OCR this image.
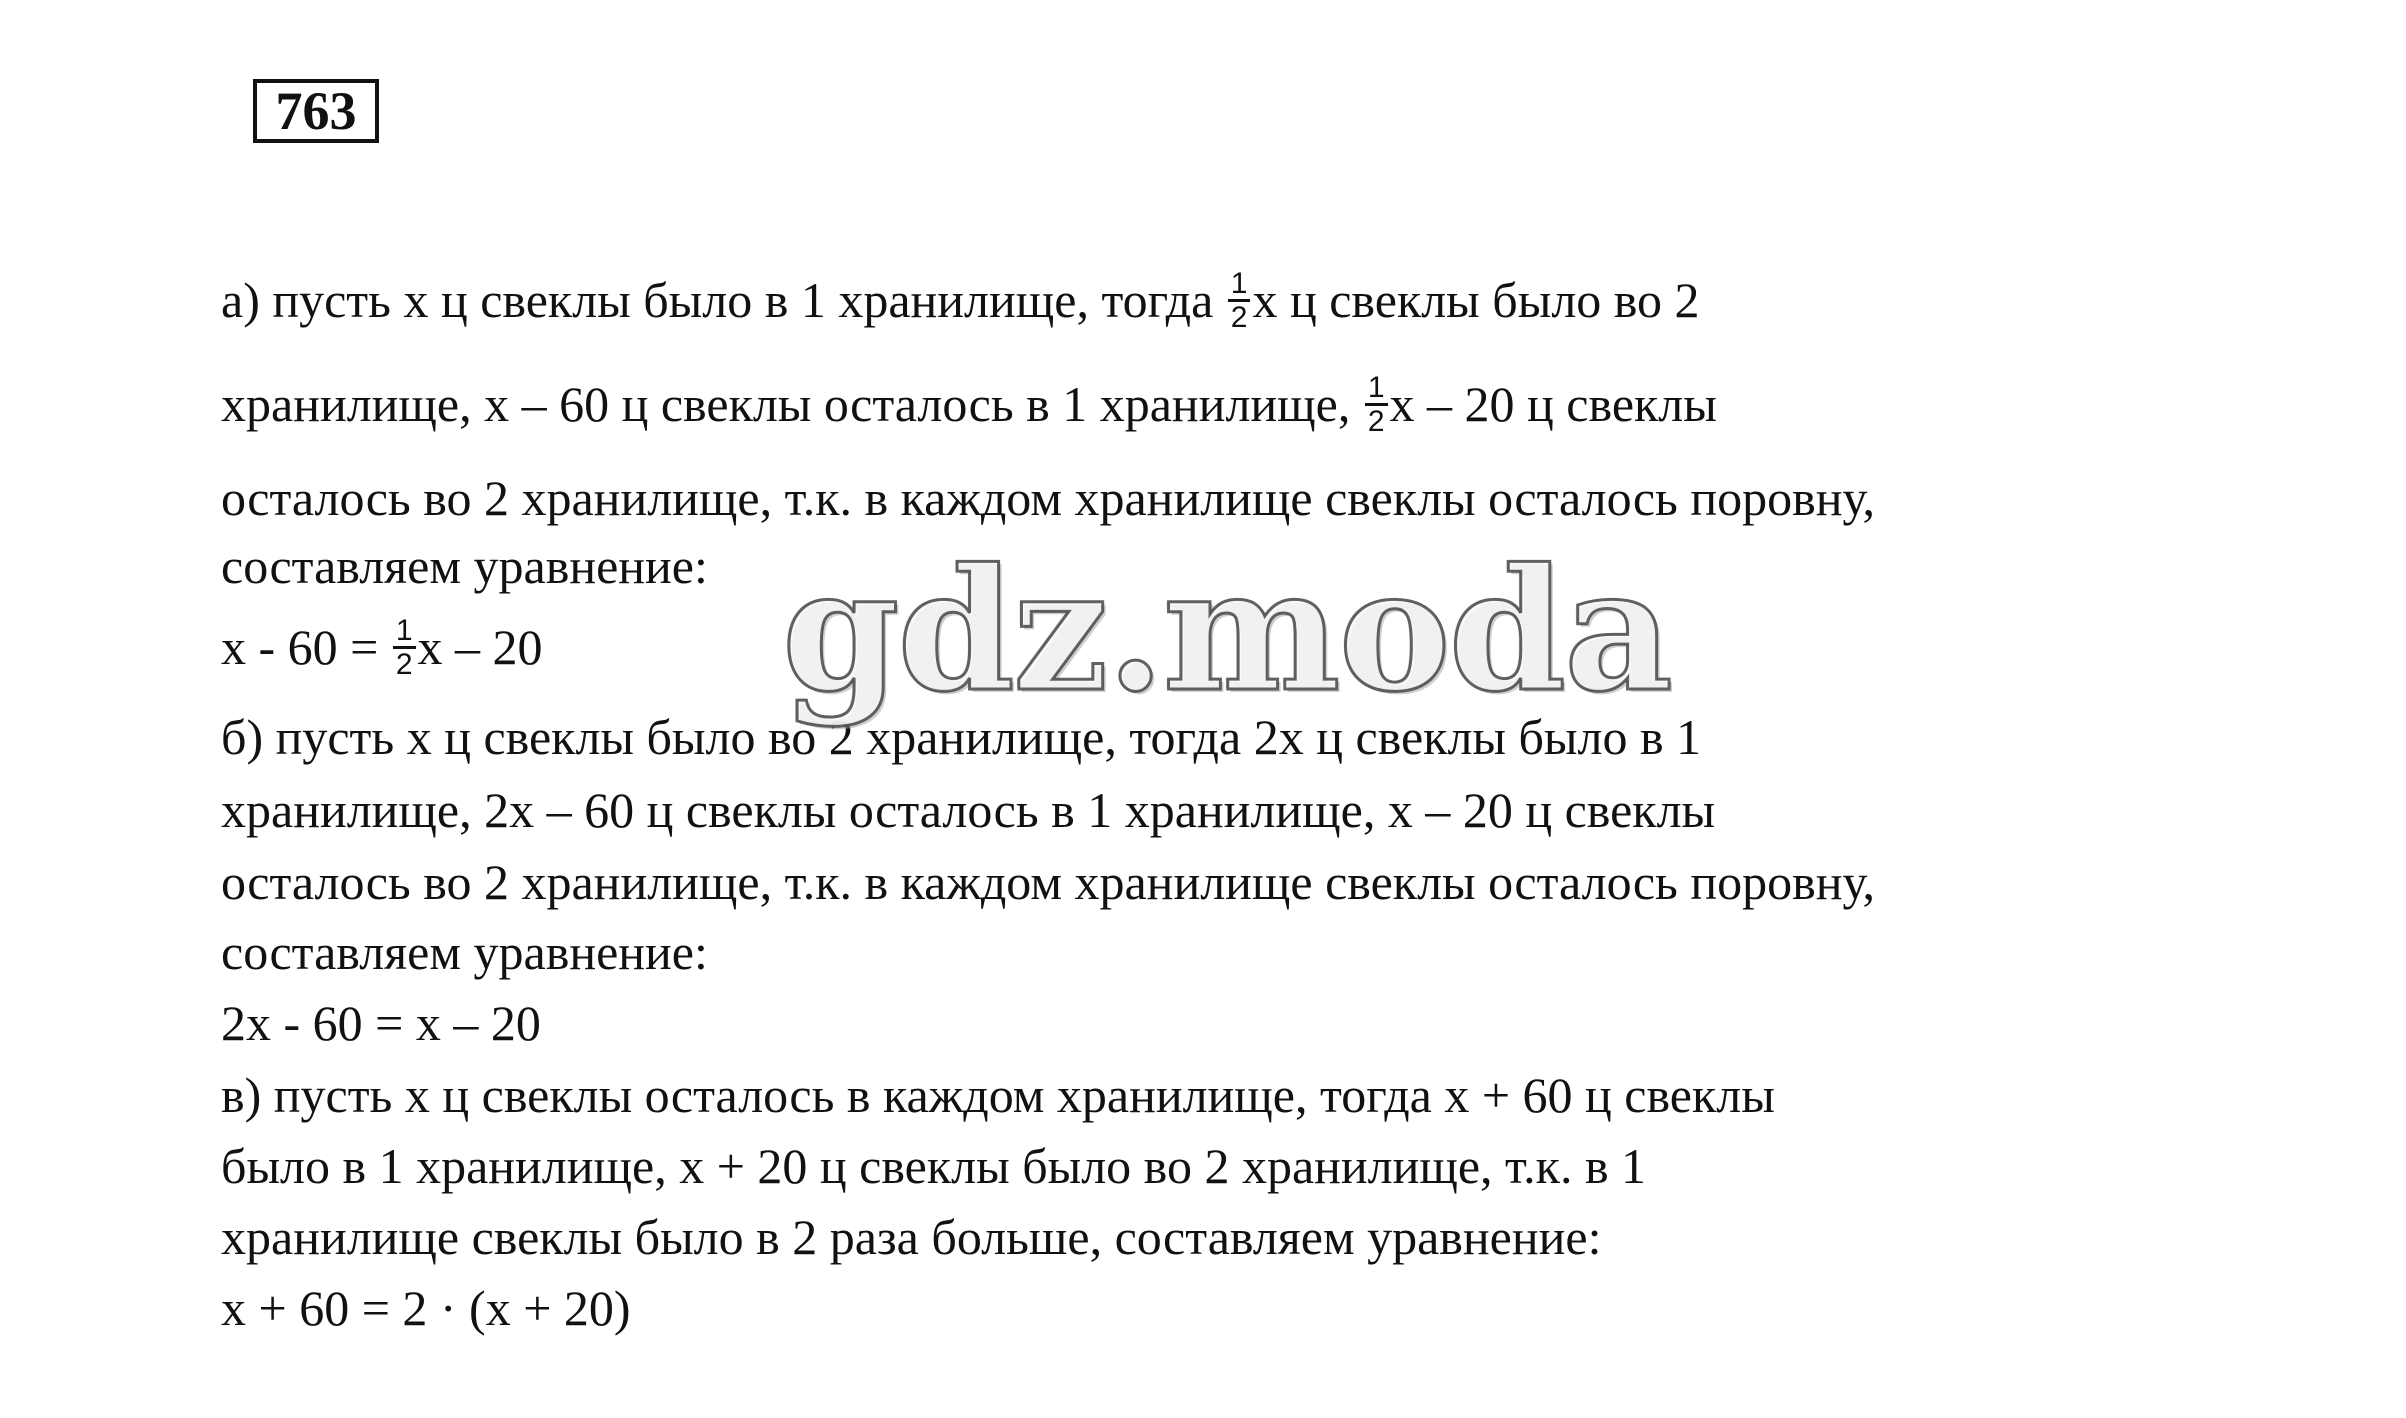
763
а) пусть х ц свеклы было в 1 хранилище, тогда $\frac{1}{2}$ х ц свеклы было во 2
хранилище, х – 60 ц свеклы осталось в 1 хранилище, $\frac{1}{2}$ х – 20 ц свеклы
осталось во 2 хранилище, т.к. в каждом хранилище свеклы осталось поровну,
составляем уравнение:
$х - 60 = \frac{1}{2}$ х – 20
б) пусть х ц свеклы было во 2 хранилище, тогда 2х ц свеклы было в 1
хранилище, 2х – 60 ц свеклы осталось в 1 хранилище, х – 20 ц свеклы
осталось во 2 хранилище, т.к. в каждом хранилище свеклы осталось поровну,
составляем уравнение:
2х - 60 = х – 20
в) пусть х ц свеклы осталось в каждом хранилище, тогда х + 60 ц свеклы
было в 1 хранилище, х + 20 ц свеклы было во 2 хранилище, т.к. в 1
хранилище свеклы было в 2 раза больше, составляем уравнение:
х + 60 = 2 · (х + 20)
gdz.moda
